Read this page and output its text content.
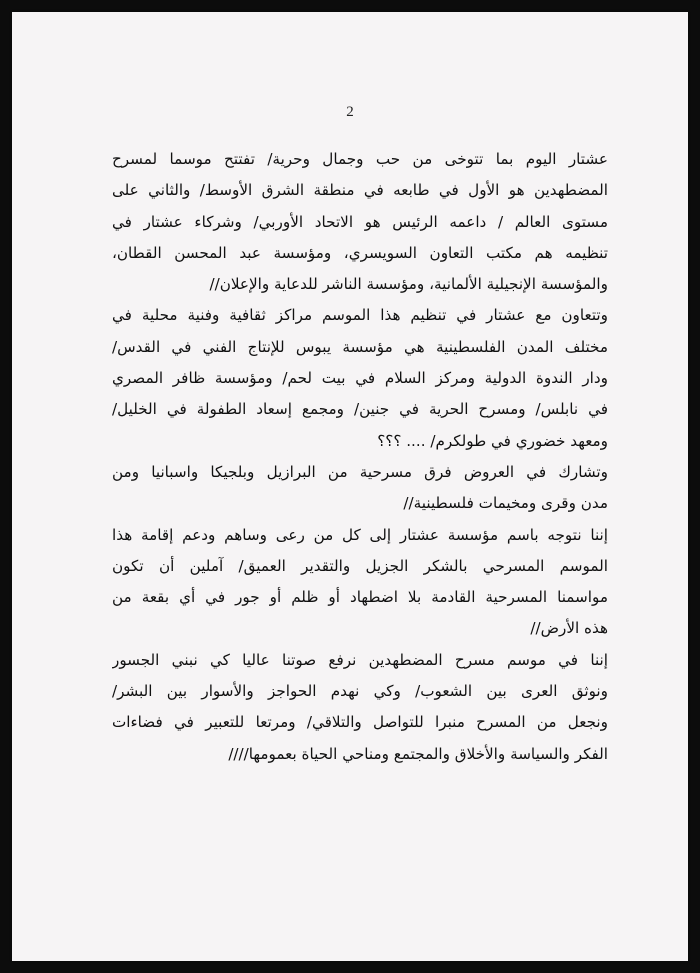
2

عشتار اليوم بما تتوخى من حب وجمال وحرية/ تفتتح موسما لمسرح

المضطهدين هو الأول في طابعه في منطقة الشرق الأوسط/ والثاني على

مستوى العالم / داعمه الرئيس هو الاتحاد الأوربي/ وشركاء عشتار في

تنظيمه هم مكتب التعاون السويسري، ومؤسسة عبد المحسن القطان،

والمؤسسة الإنجيلية الألمانية، ومؤسسة الناشر للدعاية والإعلان//

وتتعاون مع عشتار في تنظيم هذا الموسم مراكز ثقافية وفنية محلية في

مختلف المدن الفلسطينية هي مؤسسة يبوس للإنتاج الفني في القدس/

ودار الندوة الدولية ومركز السلام في بيت لحم/ ومؤسسة ظافر المصري

في نابلس/ ومسرح الحرية في جنين/ ومجمع إسعاد الطفولة في الخليل/

ومعهد خضوري في طولكرم/ .... ؟؟؟

وتشارك في العروض فرق مسرحية من البرازيل وبلجيكا واسبانيا ومن

مدن وقرى ومخيمات فلسطينية//

إننا نتوجه باسم مؤسسة عشتار إلى كل من رعى وساهم ودعم إقامة هذا

الموسم المسرحي بالشكر الجزيل والتقدير العميق/ آملين أن تكون

مواسمنا المسرحية القادمة بلا اضطهاد أو ظلم أو جور في أي بقعة من

هذه الأرض//

إننا في موسم مسرح المضطهدين نرفع صوتنا عاليا كي نبني الجسور

ونوثق العرى بين الشعوب/ وكي نهدم الحواجز والأسوار بين البشر/

ونجعل من المسرح منبرا للتواصل والتلاقي/ ومرتعا للتعبير في فضاءات

الفكر والسياسة والأخلاق والمجتمع ومناحي الحياة بعمومها////
